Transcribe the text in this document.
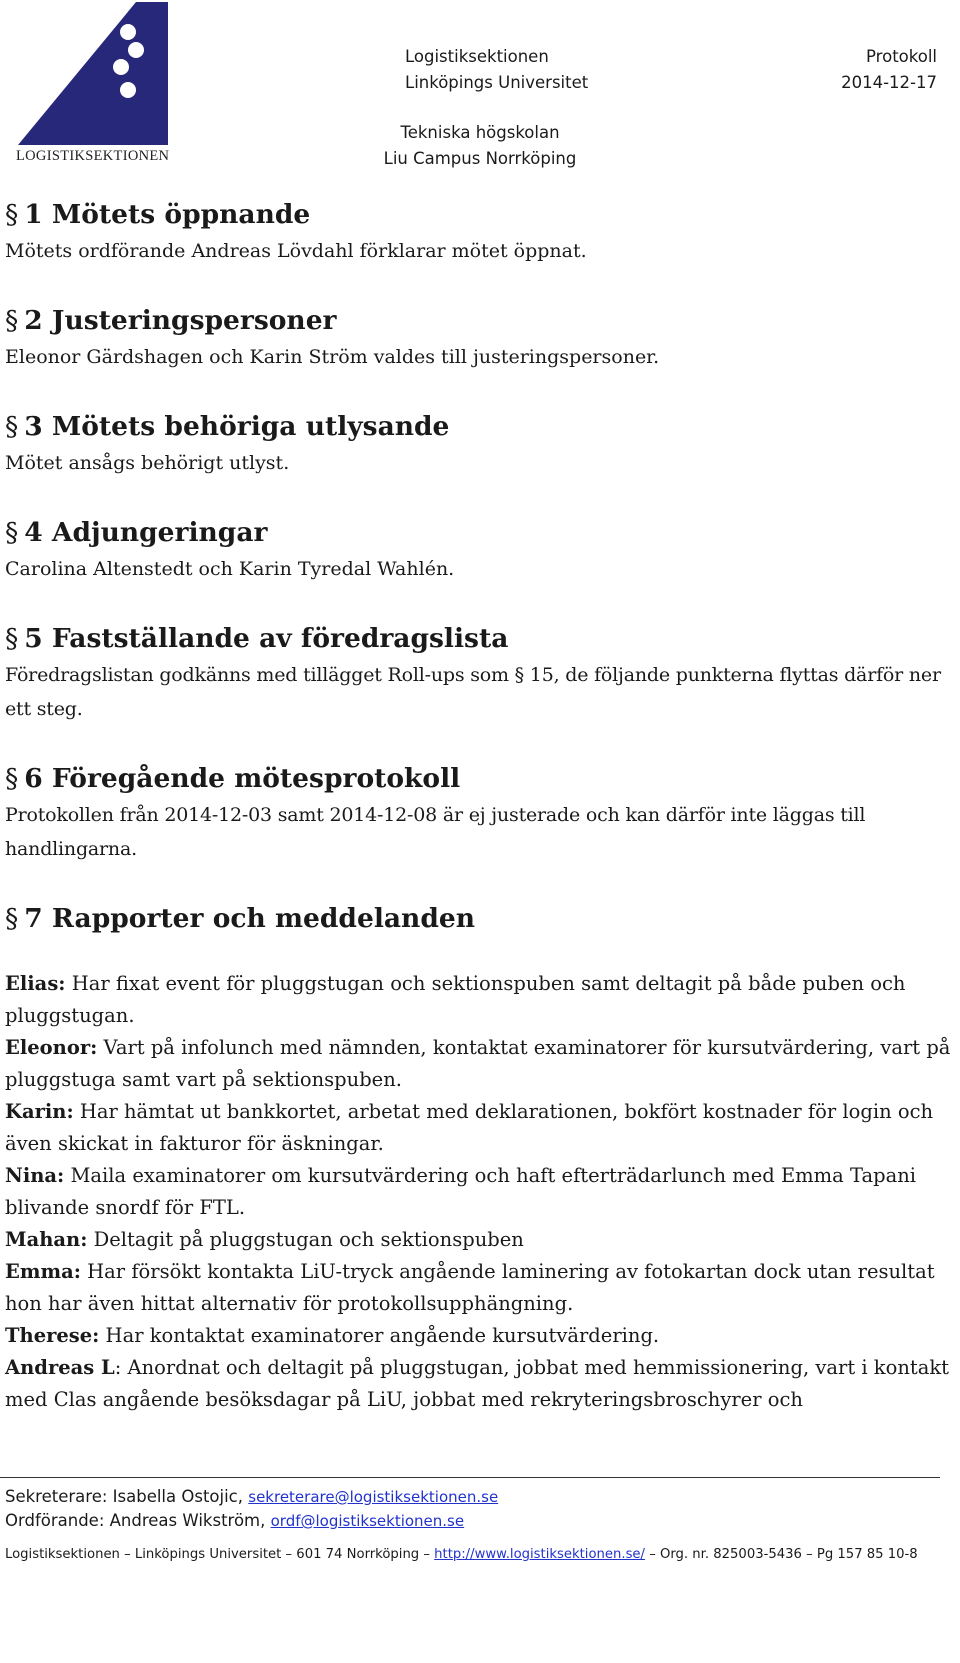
LOGISTIKSEKTIONEN
Logistiksektionen
Linköpings Universitet
Protokoll
2014-12-17
Tekniska högskolan
Liu Campus Norrköping
§ 1 Mötets öppnande

Mötets ordförande Andreas Lövdahl förklarar mötet öppnat.

§ 2 Justeringspersoner

Eleonor Gärdshagen och Karin Ström valdes till justeringspersoner.

§ 3 Mötets behöriga utlysande

Mötet ansågs behörigt utlyst.

§ 4 Adjungeringar

Carolina Altenstedt och Karin Tyredal Wahlén.

§ 5 Fastställande av föredragslista

Föredragslistan godkänns med tillägget Roll-ups som § 15, de följande punkterna flyttas därför ner ett steg.

§ 6 Föregående mötesprotokoll

Protokollen från 2014-12-03 samt 2014-12-08 är ej justerade och kan därför inte läggas till handlingarna.

§ 7 Rapporter och meddelanden

Elias: Har fixat event för pluggstugan och sektionspuben samt deltagit på både puben och pluggstugan.

Eleonor: Vart på infolunch med nämnden, kontaktat examinatorer för kursutvärdering, vart på pluggstuga samt vart på sektionspuben.

Karin: Har hämtat ut bankkortet, arbetat med deklarationen, bokfört kostnader för login och även skickat in fakturor för äskningar.

Nina: Maila examinatorer om kursutvärdering och haft efterträdarlunch med Emma Tapani blivande snordf för FTL.

Mahan: Deltagit på pluggstugan och sektionspuben

Emma: Har försökt kontakta LiU-tryck angående laminering av fotokartan dock utan resultat hon har även hittat alternativ för protokollsupphängning.

Therese: Har kontaktat examinatorer angående kursutvärdering.

Andreas L: Anordnat och deltagit på pluggstugan, jobbat med hemmissionering, vart i kontakt med Clas angående besöksdagar på LiU, jobbat med rekryteringsbroschyrer och

Sekreterare: Isabella Ostojic, sekreterare@logistiksektionen.se
Ordförande: Andreas Wikström, ordf@logistiksektionen.se
Logistiksektionen – Linköpings Universitet – 601 74 Norrköping – http://www.logistiksektionen.se/ – Org. nr. 825003-5436 – Pg 157 85 10-8
